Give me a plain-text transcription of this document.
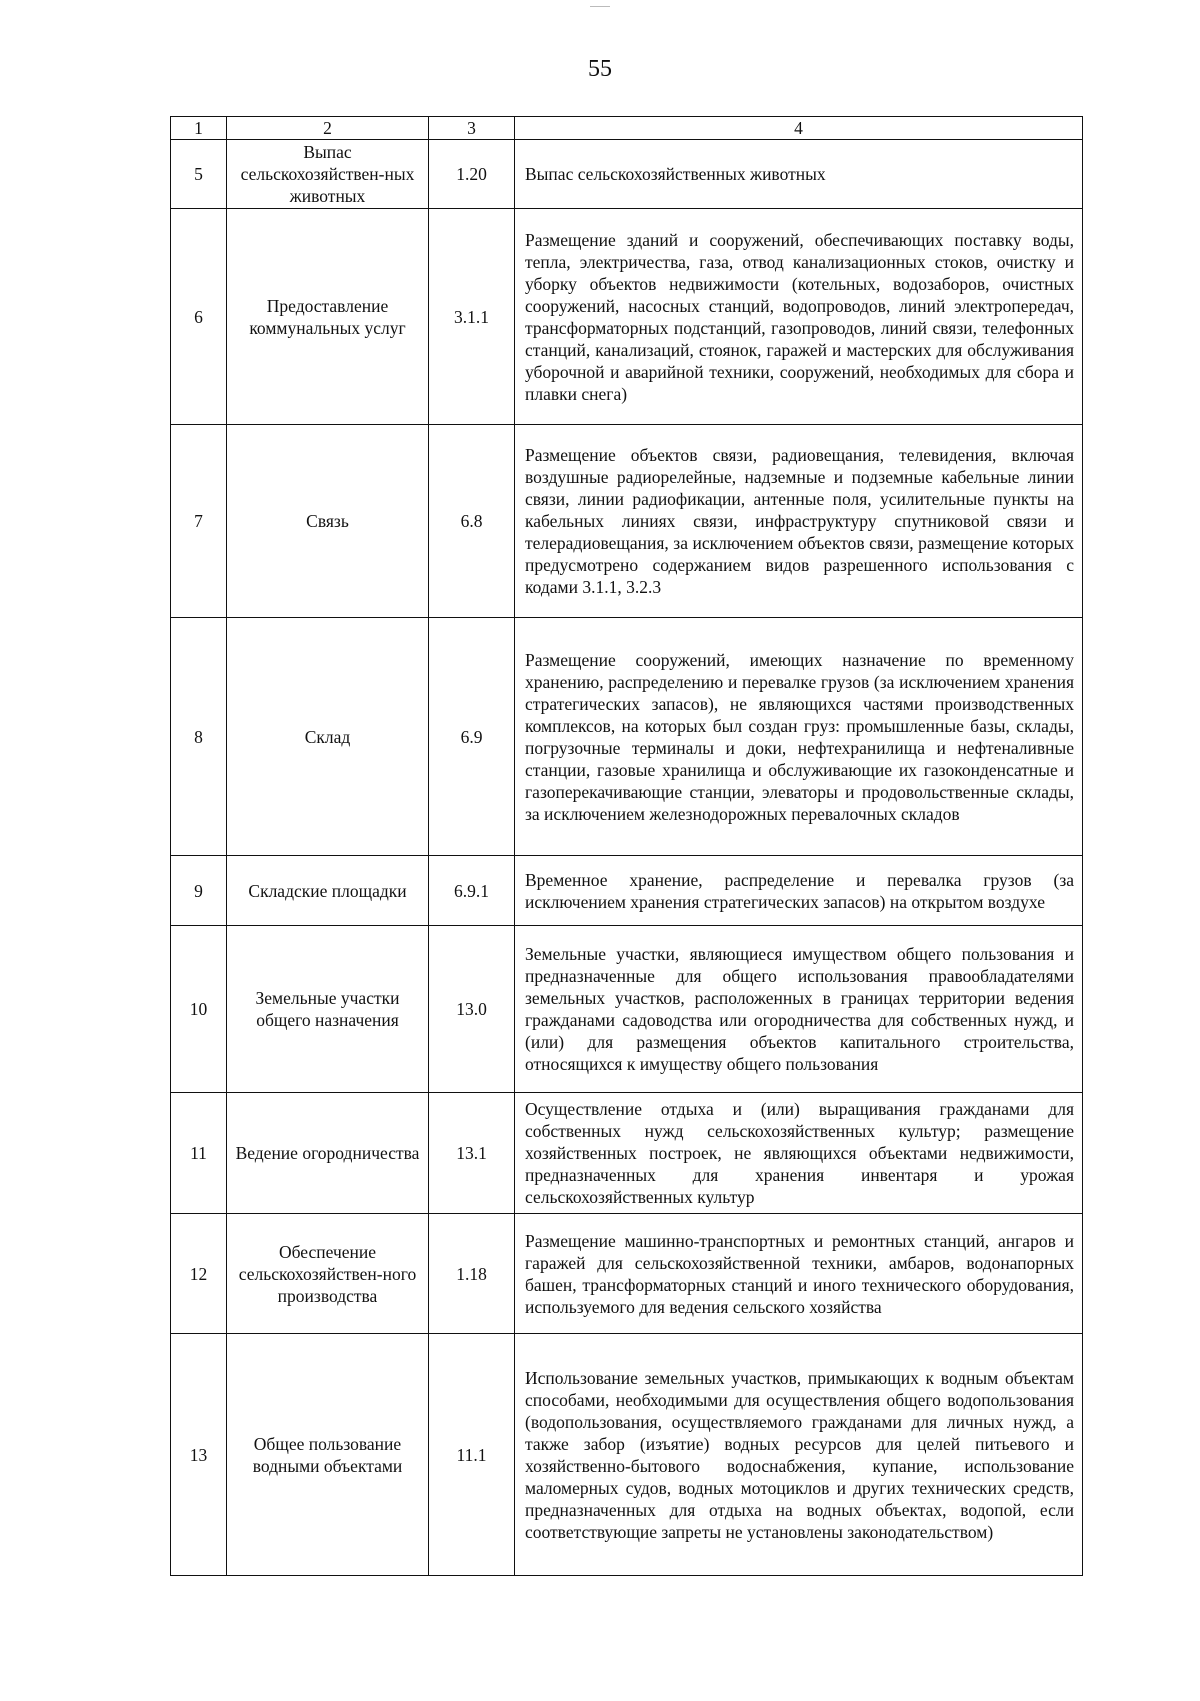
55
1	2	3	4
5	Выпас сельскохозяйствен-ных животных	1.20	Выпас сельскохозяйственных животных
6	Предоставление коммунальных услуг	3.1.1	Размещение зданий и сооружений, обеспечивающих поставку воды, тепла, электричества, газа, отвод канализационных стоков, очистку и уборку объектов недвижимости (котельных, водозаборов, очистных сооружений, насосных станций, водопроводов, линий электропередач, трансформаторных подстанций, газопроводов, линий связи, телефонных станций, канализаций, стоянок, гаражей и мастерских для обслуживания уборочной и аварийной техники, сооружений, необходимых для сбора и плавки снега)
7	Связь	6.8	Размещение объектов связи, радиовещания, телевидения, включая воздушные радиорелейные, надземные и подземные кабельные линии связи, линии радиофикации, антенные поля, усилительные пункты на кабельных линиях связи, инфраструктуру спутниковой связи и телерадиовещания, за исключением объектов связи, размещение которых предусмотрено содержанием видов разрешенного использования с кодами 3.1.1, 3.2.3
8	Склад	6.9	Размещение сооружений, имеющих назначение по временному хранению, распределению и перевалке грузов (за исключением хранения стратегических запасов), не являющихся частями производственных комплексов, на которых был создан груз: промышленные базы, склады, погрузочные терминалы и доки, нефтехранилища и нефтеналивные станции, газовые хранилища и обслуживающие их газоконденсатные и газоперекачивающие станции, элеваторы и продовольственные склады, за исключением железнодорожных перевалочных складов
9	Складские площадки	6.9.1	Временное хранение, распределение и перевалка грузов (за исключением хранения стратегических запасов) на открытом воздухе
10	Земельные участки общего назначения	13.0	Земельные участки, являющиеся имуществом общего пользования и предназначенные для общего использования правообладателями земельных участков, расположенных в границах территории ведения гражданами садоводства или огородничества для собственных нужд, и (или) для размещения объектов капитального строительства, относящихся к имуществу общего пользования
11	Ведение огородничества	13.1	Осуществление отдыха и (или) выращивания гражданами для собственных нужд сельскохозяйственных культур; размещение хозяйственных построек, не являющихся объектами недвижимости, предназначенных для хранения инвентаря и урожая сельскохозяйственных культур
12	Обеспечение сельскохозяйствен-ного производства	1.18	Размещение машинно-транспортных и ремонтных станций, ангаров и гаражей для сельскохозяйственной техники, амбаров, водонапорных башен, трансформаторных станций и иного технического оборудования, используемого для ведения сельского хозяйства
13	Общее пользование водными объектами	11.1	Использование земельных участков, примыкающих к водным объектам способами, необходимыми для осуществления общего водопользования (водопользования, осуществляемого гражданами для личных нужд, а также забор (изъятие) водных ресурсов для целей питьевого и хозяйственно-бытового водоснабжения, купание, использование маломерных судов, водных мотоциклов и других технических средств, предназначенных для отдыха на водных объектах, водопой, если соответствующие запреты не установлены законодательством)
